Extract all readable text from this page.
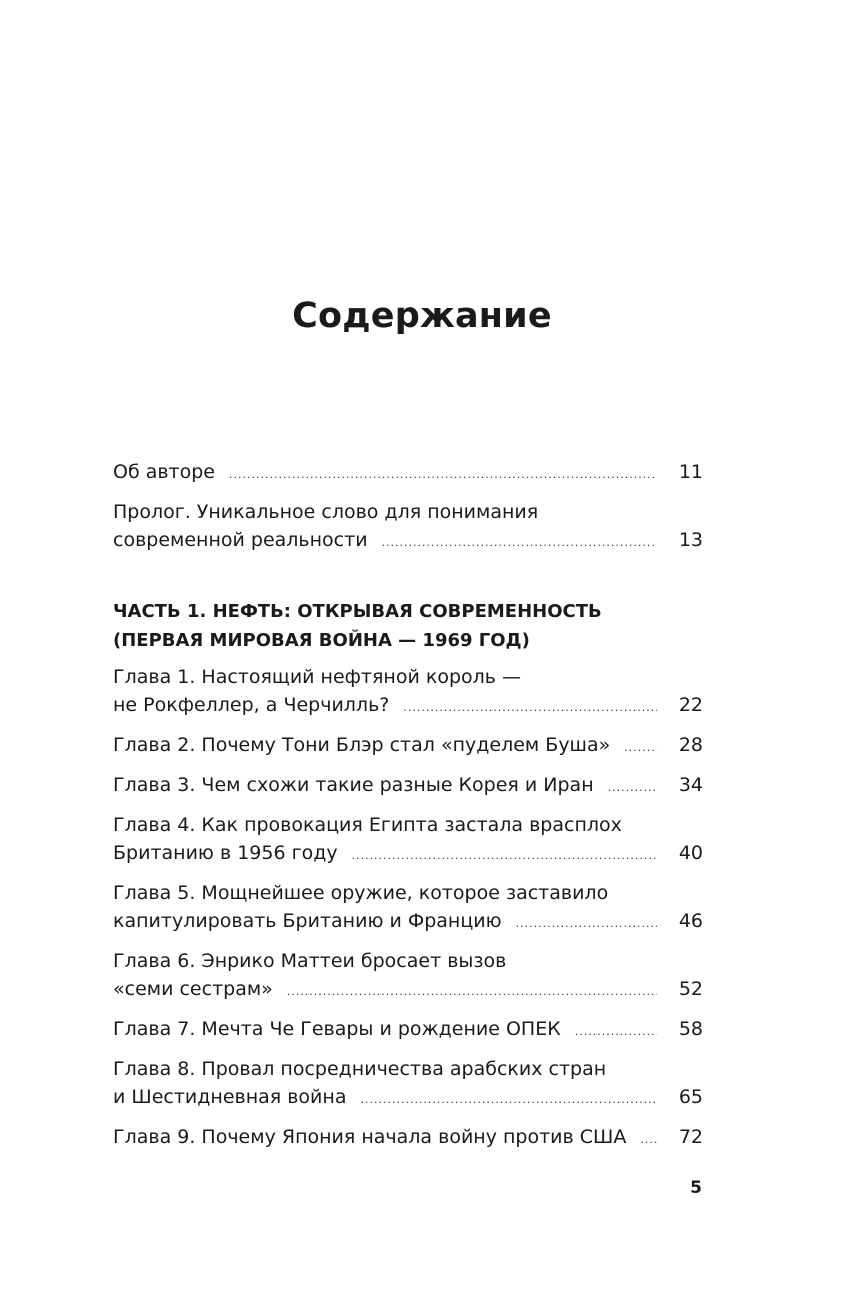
Содержание
Об авторе .....	11
Пролог. Уникальное слово для понимания
современной реальности .....	13
ЧАСТЬ 1. НЕФТЬ: ОТКРЫВАЯ СОВРЕМЕННОСТЬ
(ПЕРВАЯ МИРОВАЯ ВОЙНА — 1969 ГОД)
Глава 1. Настоящий нефтяной король —
не Рокфеллер, а Черчилль? .....	22
Глава 2. Почему Тони Блэр стал «пуделем Буша» .....	28
Глава 3. Чем схожи такие разные Корея и Иран .....	34
Глава 4. Как провокация Египта застала врасплох
Британию в 1956 году .....	40
Глава 5. Мощнейшее оружие, которое заставило
капитулировать Британию и Францию .....	46
Глава 6. Энрико Маттеи бросает вызов
«семи сестрам» .....	52
Глава 7. Мечта Че Гевары и рождение ОПЕК .....	58
Глава 8. Провал посредничества арабских стран
и Шестидневная война .....	65
Глава 9. Почему Япония начала войну против США .....	72
5
